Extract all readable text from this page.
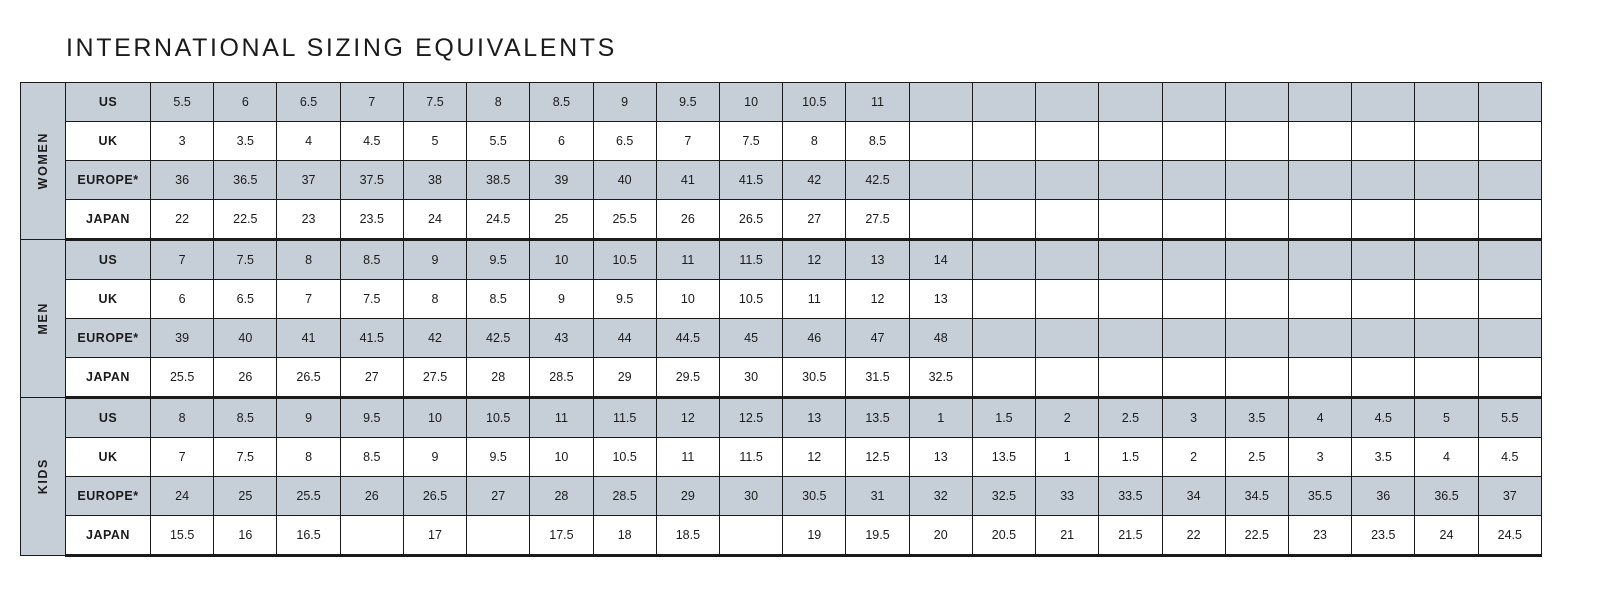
INTERNATIONAL SIZING EQUIVALENTS
WOMEN	US	5.5	6	6.5	7	7.5	8	8.5	9	9.5	10	10.5	11										
	UK	3	3.5	4	4.5	5	5.5	6	6.5	7	7.5	8	8.5										
	EUROPE*	36	36.5	37	37.5	38	38.5	39	40	41	41.5	42	42.5										
	JAPAN	22	22.5	23	23.5	24	24.5	25	25.5	26	26.5	27	27.5										

MEN	US	7	7.5	8	8.5	9	9.5	10	10.5	11	11.5	12	13	14									
	UK	6	6.5	7	7.5	8	8.5	9	9.5	10	10.5	11	12	13									
	EUROPE*	39	40	41	41.5	42	42.5	43	44	44.5	45	46	47	48									
	JAPAN	25.5	26	26.5	27	27.5	28	28.5	29	29.5	30	30.5	31.5	32.5									

KIDS	US	8	8.5	9	9.5	10	10.5	11	11.5	12	12.5	13	13.5	1	1.5	2	2.5	3	3.5	4	4.5	5	5.5
	UK	7	7.5	8	8.5	9	9.5	10	10.5	11	11.5	12	12.5	13	13.5	1	1.5	2	2.5	3	3.5	4	4.5
	EUROPE*	24	25	25.5	26	26.5	27	28	28.5	29	30	30.5	31	32	32.5	33	33.5	34	34.5	35.5	36	36.5	37
	JAPAN	15.5	16	16.5		17		17.5	18	18.5		19	19.5	20	20.5	21	21.5	22	22.5	23	23.5	24	24.5
